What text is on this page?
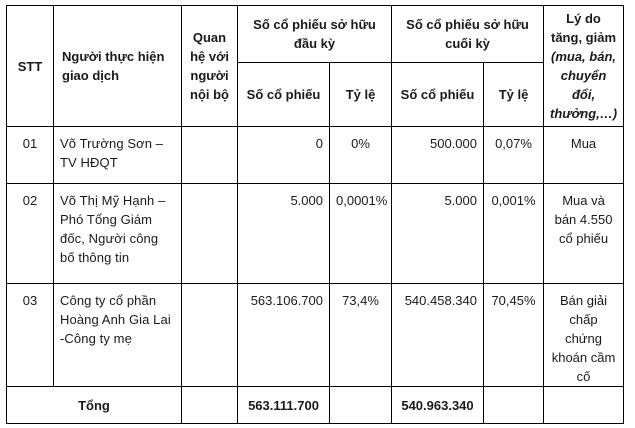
STT	Người thực hiện giao dịch	Quan hệ với người nội bộ	Số cổ phiếu sở hữu đầu kỳ		Số cổ phiếu sở hữu cuối kỳ		Lý do tăng, giảm (mua, bán, chuyển đổi, thưởng,…)
			Số cổ phiếu	Tỷ lệ	Số cổ phiếu	Tỷ lệ	
01	Võ Trường Sơn – TV HĐQT		0	0%	500.000	0,07%	Mua
02	Võ Thị Mỹ Hạnh – Phó Tổng Giám đốc, Người công bố thông tin		5.000	0,0001%	5.000	0,001%	Mua và bán 4.550 cổ phiếu
03	Công ty cổ phần Hoàng Anh Gia Lai -Công ty mẹ		563.106.700	73,4%	540.458.340	70,45%	Bán giải chấp chứng khoán cầm cố
Tổng			563.111.700		540.963.340		
